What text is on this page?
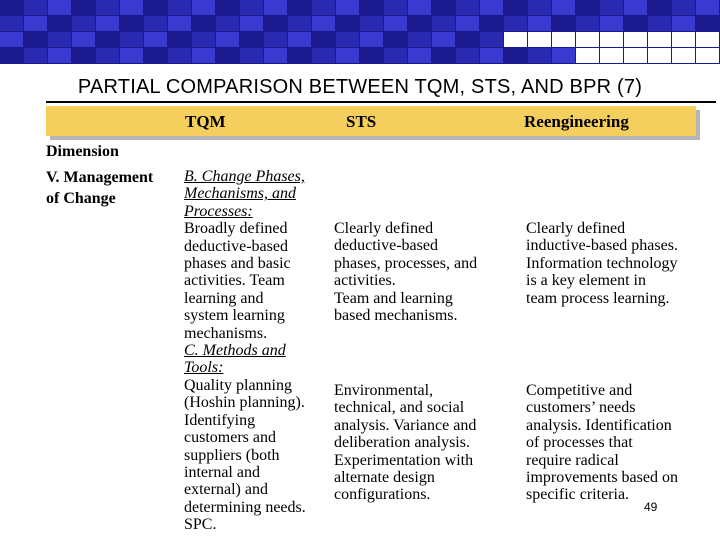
PARTIAL COMPARISON BETWEEN TQM, STS, AND BPR (7)
TQM	STS	Reengineering
Dimension
V. Management
of Change

B. Change Phases,
Mechanisms, and
Processes:

Broadly defined
deductive-based
phases and basic
activities. Team
learning and
system learning
mechanisms.

C. Methods and
Tools:

Quality planning
(Hoshin planning).
Identifying
customers and
suppliers (both
internal and
external) and
determining needs.
SPC.

Clearly defined
deductive-based
phases, processes, and
activities.
Team and learning
based mechanisms.
Environmental,
technical, and social
analysis. Variance and
deliberation analysis.
Experimentation with
alternate design
configurations.
Clearly defined
inductive-based phases.
Information technology
is a key element in
team process learning.
Competitive and
customers’ needs
analysis. Identification
of processes that
require radical
improvements based on
specific criteria.
49
